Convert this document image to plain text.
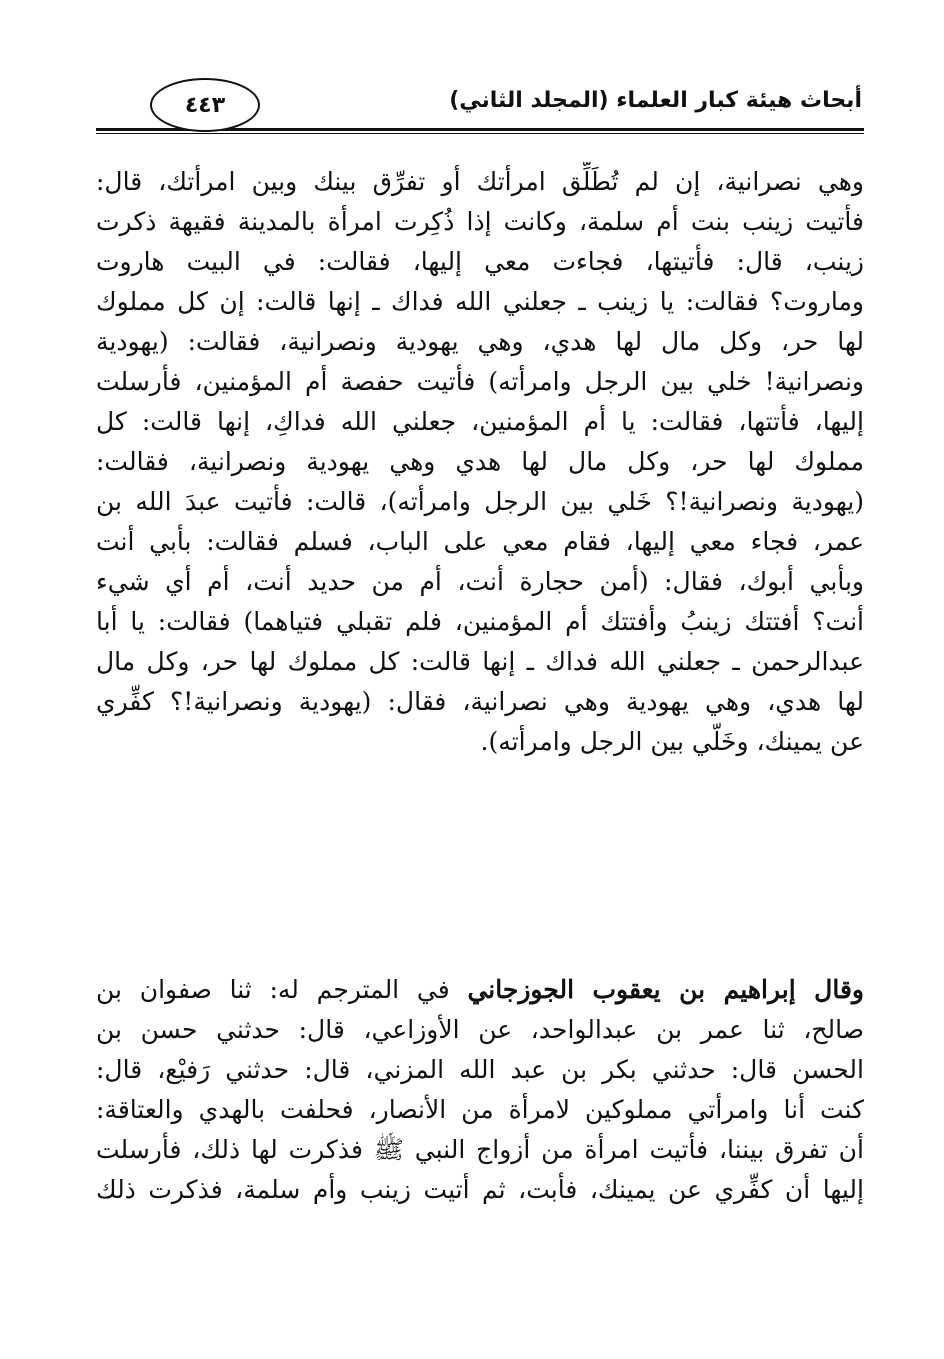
أبحاث هيئة كبار العلماء (المجلد الثاني)
٤٤٣
وهي نصرانية، إن لم تُطَلِّق امرأتك أو تفرِّق بينك وبين امرأتك، قال:
فأتيت زينب بنت أم سلمة، وكانت إذا ذُكِرت امرأة بالمدينة فقيهة ذكرت
زينب، قال: فأتيتها، فجاءت معي إليها، فقالت: في البيت هاروت
وماروت؟ فقالت: يا زينب ـ جعلني الله فداك ـ إنها قالت: إن كل مملوك
لها حر، وكل مال لها هدي، وهي يهودية ونصرانية، فقالت: (يهودية
ونصرانية! خلي بين الرجل وامرأته) فأتيت حفصة أم المؤمنين، فأرسلت
إليها، فأتتها، فقالت: يا أم المؤمنين، جعلني الله فداكِ، إنها قالت: كل
مملوك لها حر، وكل مال لها هدي وهي يهودية ونصرانية، فقالت:
(يهودية ونصرانية!؟ خَلي بين الرجل وامرأته)، قالت: فأتيت عبدَ الله بن
عمر، فجاء معي إليها، فقام معي على الباب، فسلم فقالت: بأبي أنت
وبأبي أبوك، فقال: (أمن حجارة أنت، أم من حديد أنت، أم أي شيء
أنت؟ أفتتك زينبُ وأفتتك أم المؤمنين، فلم تقبلي فتياهما) فقالت: يا أبا
عبدالرحمن ـ جعلني الله فداك ـ إنها قالت: كل مملوك لها حر، وكل مال
لها هدي، وهي يهودية وهي نصرانية، فقال: (يهودية ونصرانية!؟ كفِّري
عن يمينك، وخَلّي بين الرجل وامرأته).
وقال إبراهيم بن يعقوب الجوزجاني في المترجم له: ثنا صفوان بن
صالح، ثنا عمر بن عبدالواحد، عن الأوزاعي، قال: حدثني حسن بن
الحسن قال: حدثني بكر بن عبد الله المزني، قال: حدثني رَفيْع، قال:
كنت أنا وامرأتي مملوكين لامرأة من الأنصار، فحلفت بالهدي والعتاقة:
أن تفرق بيننا، فأتيت امرأة من أزواج النبي ﷺ فذكرت لها ذلك، فأرسلت
إليها أن كفِّري عن يمينك، فأبت، ثم أتيت زينب وأم سلمة، فذكرت ذلك
